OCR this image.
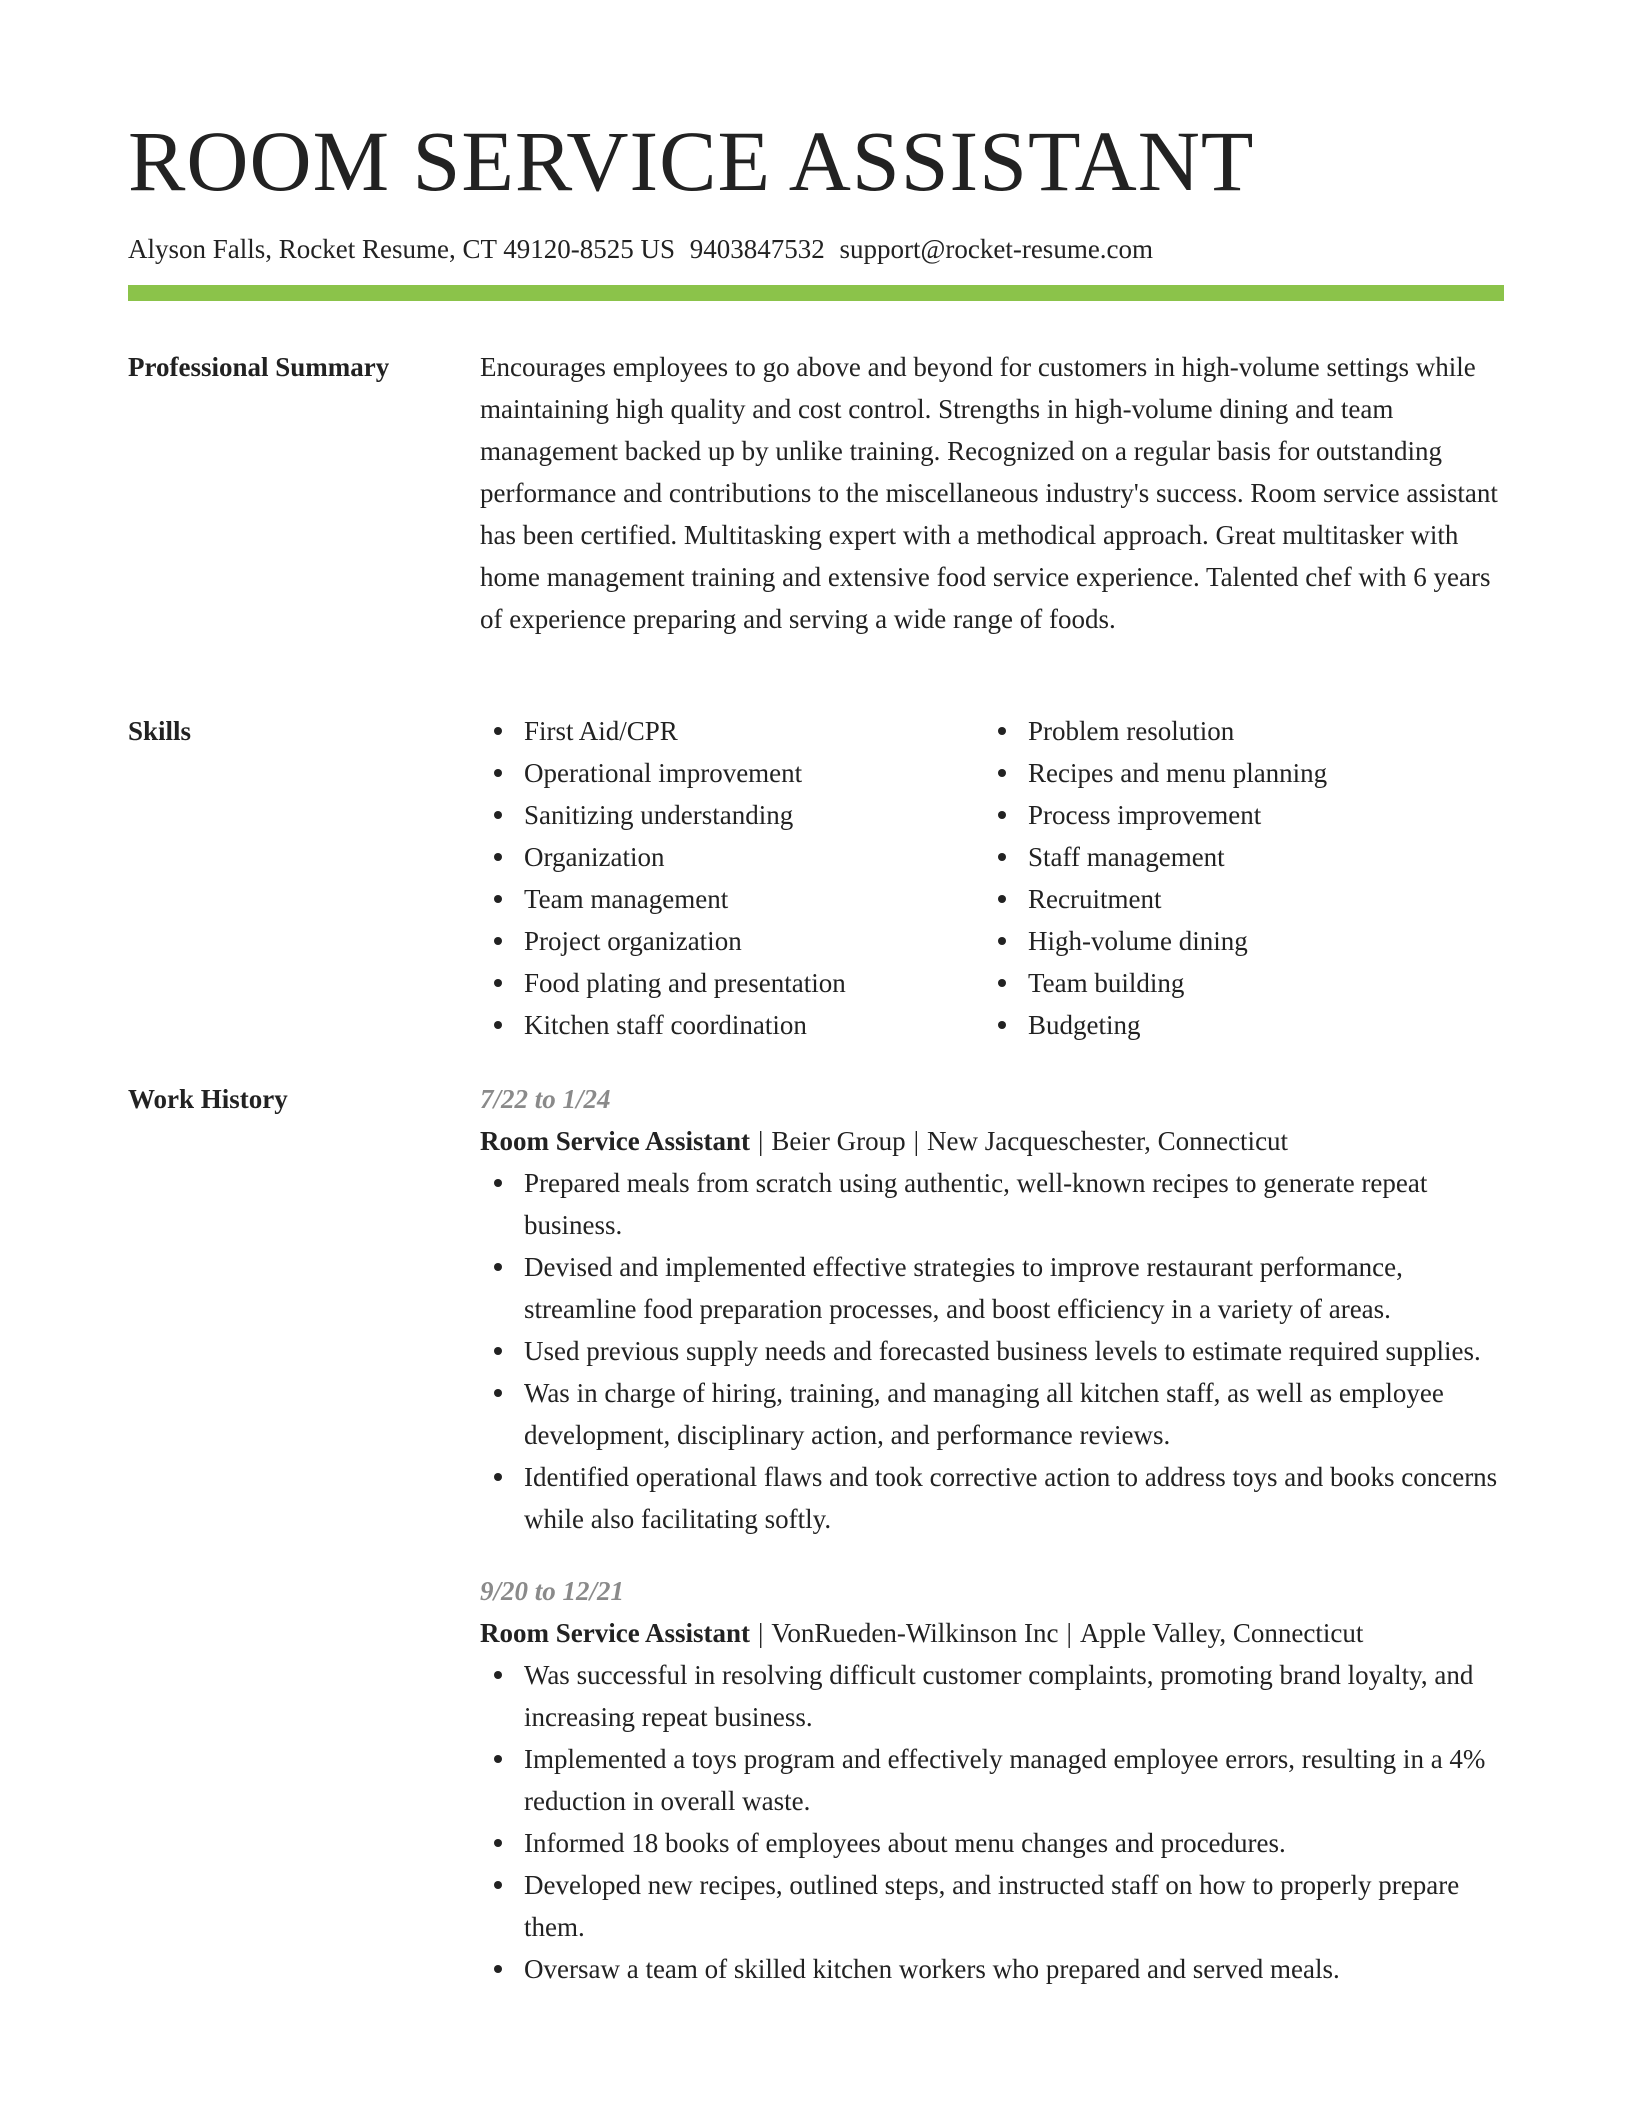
ROOM SERVICE ASSISTANT
Alyson Falls, Rocket Resume, CT 49120-8525 US 9403847532 support@rocket-resume.com
Professional Summary	Encourages employees to go above and beyond for customers in high-volume settings while maintaining high quality and cost control. Strengths in high-volume dining and team management backed up by unlike training. Recognized on a regular basis for outstanding performance and contributions to the miscellaneous industry's success. Room service assistant has been certified. Multitasking expert with a methodical approach. Great multitasker with home management training and extensive food service experience. Talented chef with 6 years of experience preparing and serving a wide range of foods.

Skills	First Aid/CPR
Operational improvement
Sanitizing understanding
Organization
Team management
Project organization
Food plating and presentation
Kitchen staff coordination
Problem resolution
Recipes and menu planning
Process improvement
Staff management
Recruitment
High-volume dining
Team building
Budgeting
Work History	7/22 to 1/24
Room Service Assistant | Beier Group | New Jacqueschester, Connecticut
Prepared meals from scratch using authentic, well-known recipes to generate repeat business.
Devised and implemented effective strategies to improve restaurant performance, streamline food preparation processes, and boost efficiency in a variety of areas.
Used previous supply needs and forecasted business levels to estimate required supplies.
Was in charge of hiring, training, and managing all kitchen staff, as well as employee development, disciplinary action, and performance reviews.
Identified operational flaws and took corrective action to address toys and books concerns while also facilitating softly.
9/20 to 12/21
Room Service Assistant | VonRueden-Wilkinson Inc | Apple Valley, Connecticut
Was successful in resolving difficult customer complaints, promoting brand loyalty, and increasing repeat business.
Implemented a toys program and effectively managed employee errors, resulting in a 4% reduction in overall waste.
Informed 18 books of employees about menu changes and procedures.
Developed new recipes, outlined steps, and instructed staff on how to properly prepare them.
Oversaw a team of skilled kitchen workers who prepared and served meals.
